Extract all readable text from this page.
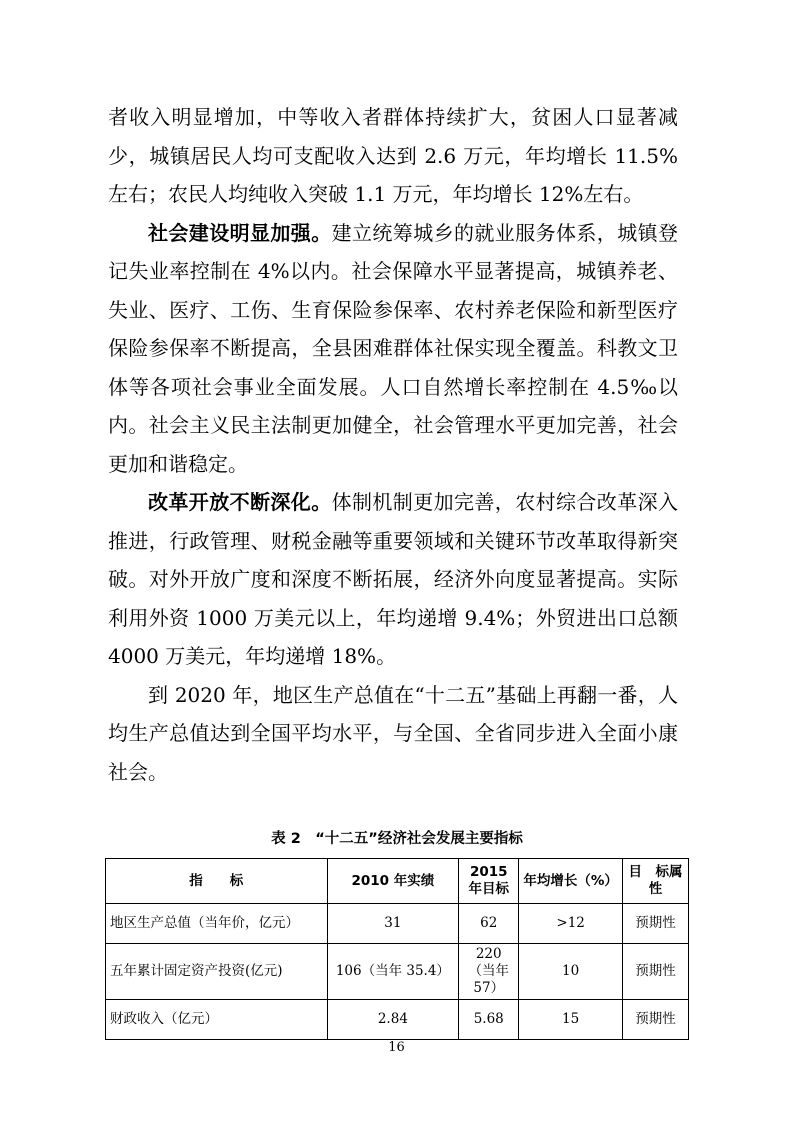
者收入明显增加，中等收入者群体持续扩大，贫困人口显著减少，城镇居民人均可支配收入达到 2.6 万元，年均增长 11.5%左右；农民人均纯收入突破 1.1 万元，年均增长 12%左右。

社会建设明显加强。建立统筹城乡的就业服务体系，城镇登记失业率控制在 4%以内。社会保障水平显著提高，城镇养老、失业、医疗、工伤、生育保险参保率、农村养老保险和新型医疗保险参保率不断提高，全县困难群体社保实现全覆盖。科教文卫体等各项社会事业全面发展。人口自然增长率控制在 4.5‰以内。社会主义民主法制更加健全，社会管理水平更加完善，社会更加和谐稳定。

改革开放不断深化。体制机制更加完善，农村综合改革深入推进，行政管理、财税金融等重要领域和关键环节改革取得新突破。对外开放广度和深度不断拓展，经济外向度显著提高。实际利用外资 1000 万美元以上，年均递增 9.4%；外贸进出口总额 4000 万美元，年均递增 18%。

到 2020 年，地区生产总值在“十二五”基础上再翻一番，人均生产总值达到全国平均水平，与全国、全省同步进入全面小康社会。

表 2　“十二五”经济社会发展主要指标
指　　标	2010 年实绩	2015 年目标	年均增长（%）	目　标属　性
地区生产总值（当年价，亿元）	31	62	>12	预期性
五年累计固定资产投资(亿元)	106（当年 35.4）	220（当年 57）	10	预期性
财政收入（亿元）	2.84	5.68	15	预期性
16
